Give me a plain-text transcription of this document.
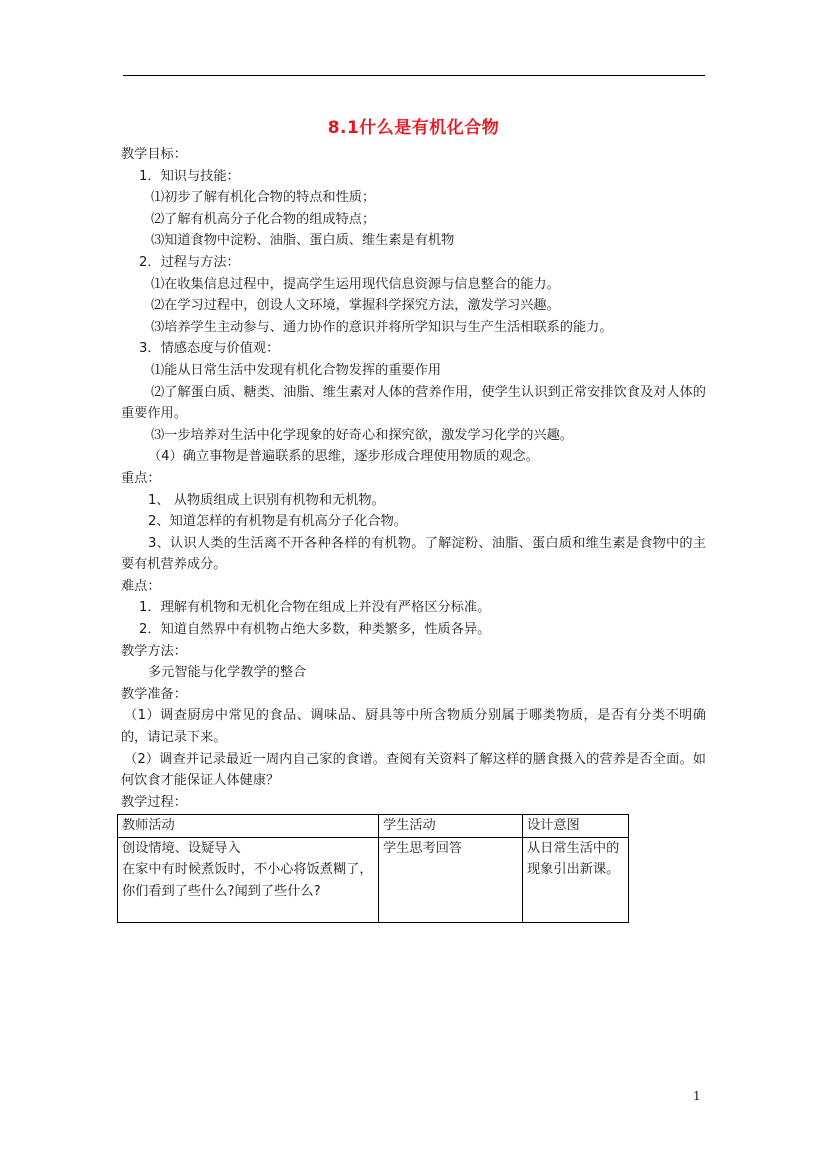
8.1什么是有机化合物

教学目标：

1．知识与技能：

⑴初步了解有机化合物的特点和性质；

⑵了解有机高分子化合物的组成特点；

⑶知道食物中淀粉、油脂、蛋白质、维生素是有机物

2．过程与方法：

⑴在收集信息过程中，提高学生运用现代信息资源与信息整合的能力。

⑵在学习过程中，创设人文环境，掌握科学探究方法，激发学习兴趣。

⑶培养学生主动参与、通力协作的意识并将所学知识与生产生活相联系的能力。

3．情感态度与价值观：

⑴能从日常生活中发现有机化合物发挥的重要作用

⑵了解蛋白质、糖类、油脂、维生素对人体的营养作用，使学生认识到正常安排饮食及对人体的重要作用。

⑶一步培养对生活中化学现象的好奇心和探究欲，激发学习化学的兴趣。

（4）确立事物是普遍联系的思维，逐步形成合理使用物质的观念。

重点：

1、 从物质组成上识别有机物和无机物。

2、知道怎样的有机物是有机高分子化合物。

3、认识人类的生活离不开各种各样的有机物。了解淀粉、油脂、蛋白质和维生素是食物中的主要有机营养成分。

难点：

1．理解有机物和无机化合物在组成上并没有严格区分标准。

2．知道自然界中有机物占绝大多数，种类繁多，性质各异。

教学方法：

多元智能与化学教学的整合

教学准备：

（1）调查厨房中常见的食品、调味品、厨具等中所含物质分别属于哪类物质，是否有分类不明确的，请记录下来。

（2）调查并记录最近一周内自己家的食谱。查阅有关资料了解这样的膳食摄入的营养是否全面。如何饮食才能保证人体健康？

教学过程：

教师活动	学生活动	设计意图

创设情境、设疑导入
在家中有时候煮饭时，不小心将饭煮糊了，你们看到了些什么?闻到了些什么?	学生思考回答	从日常生活中的现象引出新课。
1
